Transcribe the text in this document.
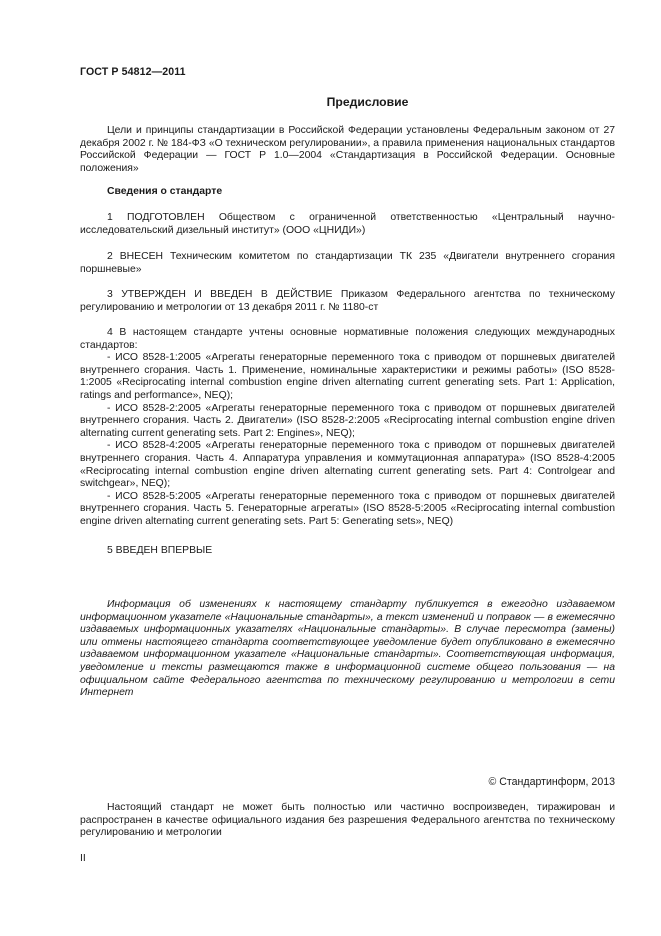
ГОСТ Р 54812—2011
Предисловие

Цели и принципы стандартизации в Российской Федерации установлены Федеральным законом от 27 декабря 2002 г. № 184-ФЗ «О техническом регулировании», а правила применения национальных стандартов Российской Федерации — ГОСТ Р 1.0—2004 «Стандартизация в Российской Федерации. Основные положения»

Сведения о стандарте

1 ПОДГОТОВЛЕН Обществом с ограниченной ответственностью «Центральный научно-исследовательский дизельный институт» (ООО «ЦНИДИ»)

2 ВНЕСЕН Техническим комитетом по стандартизации ТК 235 «Двигатели внутреннего сгорания поршневые»

3 УТВЕРЖДЕН И ВВЕДЕН В ДЕЙСТВИЕ Приказом Федерального агентства по техническому регулированию и метрологии от 13 декабря 2011 г. № 1180-ст

4 В настоящем стандарте учтены основные нормативные положения следующих международных стандартов:

- ИСО 8528-1:2005 «Агрегаты генераторные переменного тока с приводом от поршневых двигателей внутреннего сгорания. Часть 1. Применение, номинальные характеристики и режимы работы» (ISO 8528-1:2005 «Reciprocating internal combustion engine driven alternating current generating sets. Part 1: Application, ratings and performance», NEQ);

- ИСО 8528-2:2005 «Агрегаты генераторные переменного тока с приводом от поршневых двигателей внутреннего сгорания. Часть 2. Двигатели» (ISO 8528-2:2005 «Reciprocating internal combustion engine driven alternating current generating sets. Part 2: Engines», NEQ);

- ИСО 8528-4:2005 «Агрегаты генераторные переменного тока с приводом от поршневых двигателей внутреннего сгорания. Часть 4. Аппаратура управления и коммутационная аппаратура» (ISO 8528-4:2005 «Reciprocating internal combustion engine driven alternating current generating sets. Part 4: Controlgear and switchgear», NEQ);

- ИСО 8528-5:2005 «Агрегаты генераторные переменного тока с приводом от поршневых двигателей внутреннего сгорания. Часть 5. Генераторные агрегаты» (ISO 8528-5:2005 «Reciprocating internal combustion engine driven alternating current generating sets. Part 5: Generating sets», NEQ)

5 ВВЕДЕН ВПЕРВЫЕ

Информация об изменениях к настоящему стандарту публикуется в ежегодно издаваемом информационном указателе «Национальные стандарты», а текст изменений и поправок — в ежемесячно издаваемых информационных указателях «Национальные стандарты». В случае пересмотра (замены) или отмены настоящего стандарта соответствующее уведомление будет опубликовано в ежемесячно издаваемом информационном указателе «Национальные стандарты». Соответствующая информация, уведомление и тексты размещаются также в информационной системе общего пользования — на официальном сайте Федерального агентства по техническому регулированию и метрологии в сети Интернет

© Стандартинформ, 2013

Настоящий стандарт не может быть полностью или частично воспроизведен, тиражирован и распространен в качестве официального издания без разрешения Федерального агентства по техническому регулированию и метрологии

II
